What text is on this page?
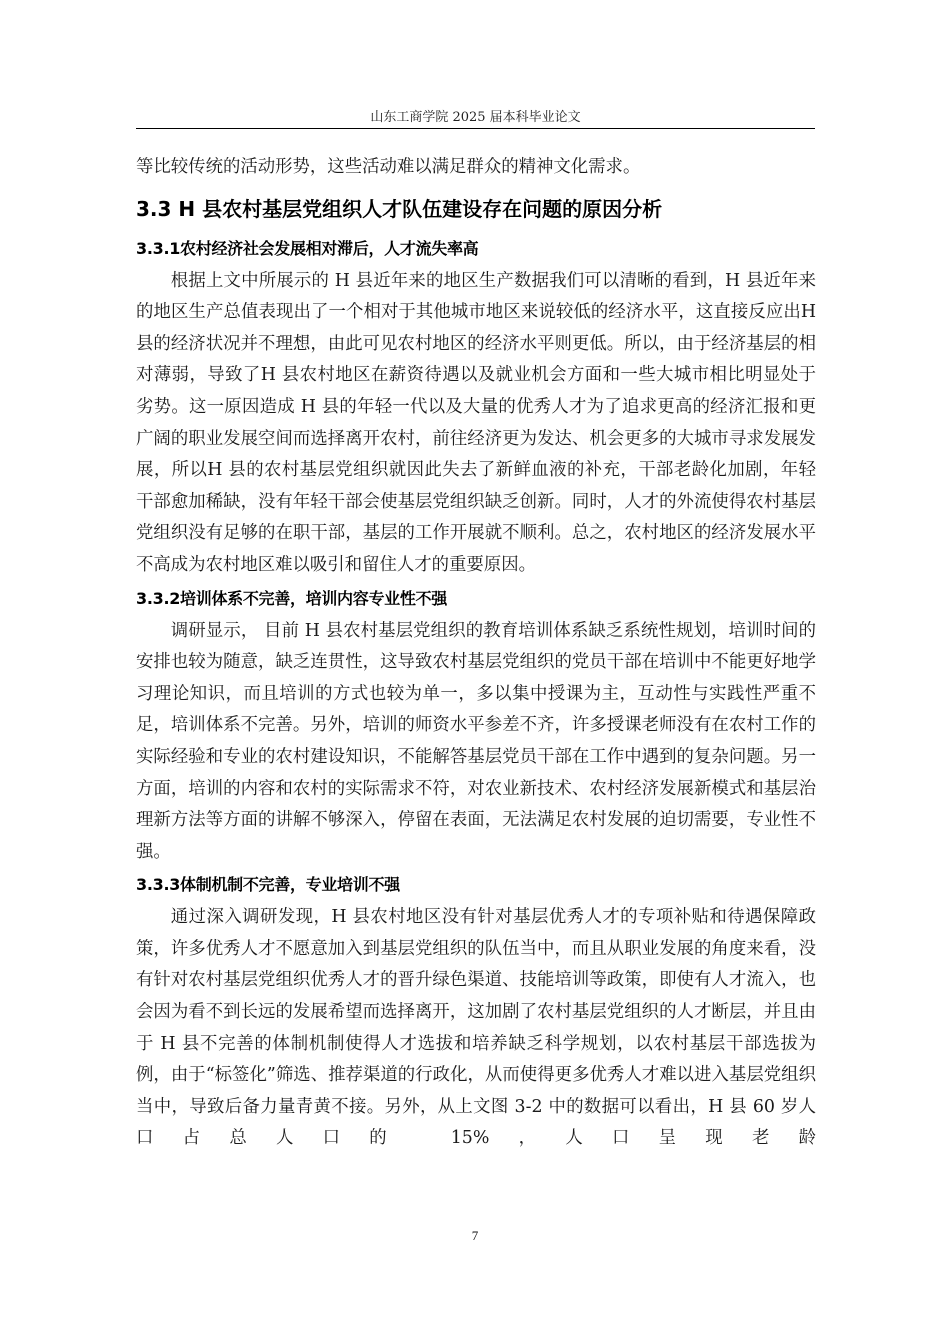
山东工商学院 2025 届本科毕业论文

等比较传统的活动形势，这些活动难以满足群众的精神文化需求。

3.3 H 县农村基层党组织人才队伍建设存在问题的原因分析
3.3.1农村经济社会发展相对滞后，人才流失率高

根据上文中所展示的 H 县近年来的地区生产数据我们可以清晰的看到，H 县近年来的地区生产总值表现出了一个相对于其他城市地区来说较低的经济水平，这直接反应出H 县的经济状况并不理想，由此可见农村地区的经济水平则更低。所以，由于经济基层的相对薄弱，导致了H 县农村地区在薪资待遇以及就业机会方面和一些大城市相比明显处于劣势。这一原因造成 H 县的年轻一代以及大量的优秀人才为了追求更高的经济汇报和更广阔的职业发展空间而选择离开农村，前往经济更为发达、机会更多的大城市寻求发展发展，所以H 县的农村基层党组织就因此失去了新鲜血液的补充，干部老龄化加剧，年轻干部愈加稀缺，没有年轻干部会使基层党组织缺乏创新。同时，人才的外流使得农村基层党组织没有足够的在职干部，基层的工作开展就不顺利。总之，农村地区的经济发展水平不高成为农村地区难以吸引和留住人才的重要原因。

3.3.2培训体系不完善，培训内容专业性不强

调研显示， 目前 H 县农村基层党组织的教育培训体系缺乏系统性规划，培训时间的安排也较为随意，缺乏连贯性，这导致农村基层党组织的党员干部在培训中不能更好地学习理论知识，而且培训的方式也较为单一，多以集中授课为主，互动性与实践性严重不足，培训体系不完善。另外，培训的师资水平参差不齐，许多授课老师没有在农村工作的实际经验和专业的农村建设知识，不能解答基层党员干部在工作中遇到的复杂问题。另一方面，培训的内容和农村的实际需求不符，对农业新技术、农村经济发展新模式和基层治理新方法等方面的讲解不够深入，停留在表面，无法满足农村发展的迫切需要，专业性不强。

3.3.3体制机制不完善，专业培训不强

通过深入调研发现，H 县农村地区没有针对基层优秀人才的专项补贴和待遇保障政策，许多优秀人才不愿意加入到基层党组织的队伍当中，而且从职业发展的角度来看，没有针对农村基层党组织优秀人才的晋升绿色渠道、技能培训等政策，即使有人才流入，也会因为看不到长远的发展希望而选择离开，这加剧了农村基层党组织的人才断层，并且由于 H 县不完善的体制机制使得人才选拔和培养缺乏科学规划，以农村基层干部选拔为例，由于“标签化”筛选、推荐渠道的行政化，从而使得更多优秀人才难以进入基层党组织当中，导致后备力量青黄不接。另外，从上文图 3-2 中的数据可以看出，H 县 60 岁人口占总人口的 15%，人口呈现老龄

7
